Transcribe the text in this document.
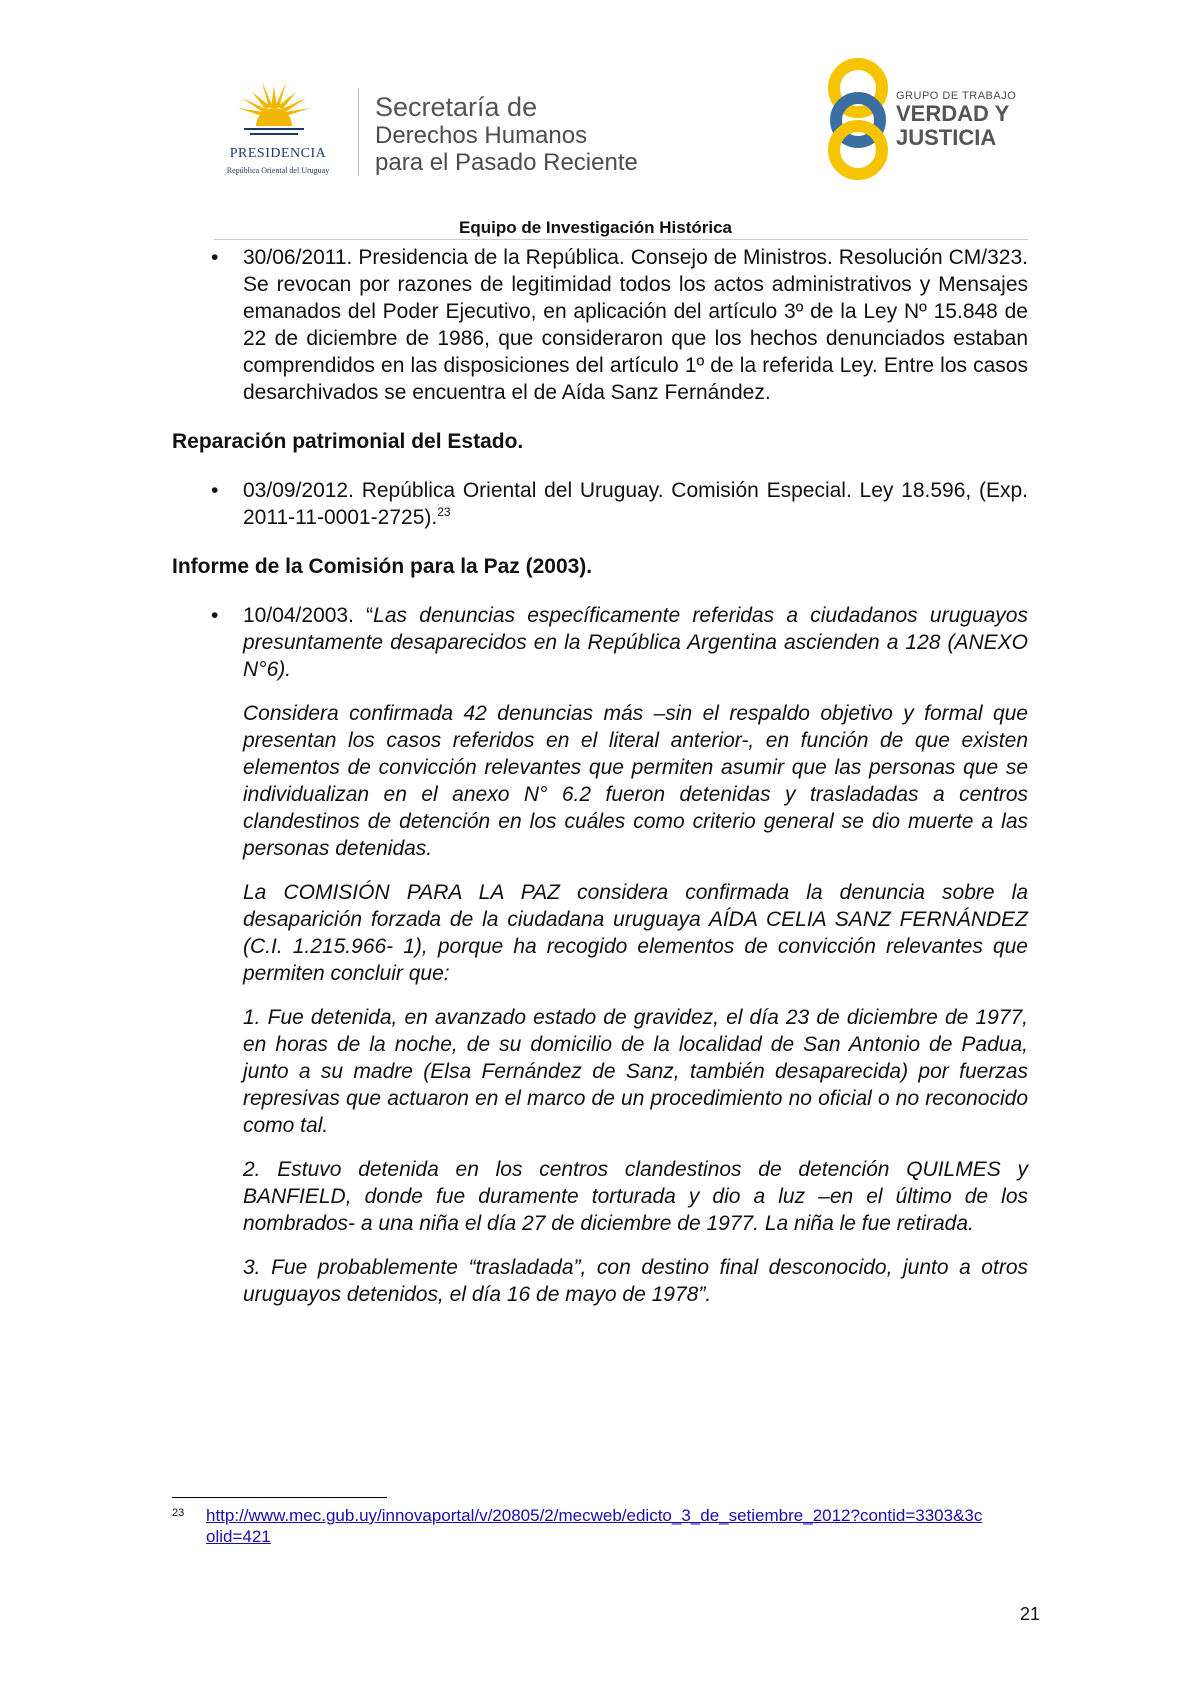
PRESIDENCIA
República Oriental del Uruguay
Secretaría de
Derechos Humanos
para el Pasado Reciente
GRUPO DE TRABAJO
VERDAD Y
JUSTICIA
Equipo de Investigación Histórica
• 30/06/2011. Presidencia de la República. Consejo de Ministros. Resolución CM/323. Se revocan por razones de legitimidad todos los actos administrativos y Mensajes emanados del Poder Ejecutivo, en aplicación del artículo 3º de la Ley Nº 15.848 de 22 de diciembre de 1986, que consideraron que los hechos denunciados estaban comprendidos en las disposiciones del artículo 1º de la referida Ley. Entre los casos desarchivados se encuentra el de Aída Sanz Fernández.
Reparación patrimonial del Estado.
• 03/09/2012. República Oriental del Uruguay. Comisión Especial. Ley 18.596, (Exp. 2011-11-0001-2725).$^{23}$
Informe de la Comisión para la Paz (2003).
• 10/04/2003. “Las denuncias específicamente referidas a ciudadanos uruguayos presuntamente desaparecidos en la República Argentina ascienden a 128 (ANEXO N°6).
Considera confirmada 42 denuncias más –sin el respaldo objetivo y formal que presentan los casos referidos en el literal anterior-, en función de que existen elementos de convicción relevantes que permiten asumir que las personas que se individualizan en el anexo N° 6.2 fueron detenidas y trasladadas a centros clandestinos de detención en los cuáles como criterio general se dio muerte a las personas detenidas.
La COMISIÓN PARA LA PAZ considera confirmada la denuncia sobre la desaparición forzada de la ciudadana uruguaya AÍDA CELIA SANZ FERNÁNDEZ (C.I. 1.215.966- 1), porque ha recogido elementos de convicción relevantes que permiten concluir que:
1. Fue detenida, en avanzado estado de gravidez, el día 23 de diciembre de 1977, en horas de la noche, de su domicilio de la localidad de San Antonio de Padua, junto a su madre (Elsa Fernández de Sanz, también desaparecida) por fuerzas represivas que actuaron en el marco de un procedimiento no oficial o no reconocido como tal.
2. Estuvo detenida en los centros clandestinos de detención QUILMES y BANFIELD, donde fue duramente torturada y dio a luz –en el último de los nombrados- a una niña el día 27 de diciembre de 1977. La niña le fue retirada.
3. Fue probablemente “trasladada”, con destino final desconocido, junto a otros uruguayos detenidos, el día 16 de mayo de 1978”.
23 http://www.mec.gub.uy/innovaportal/v/20805/2/mecweb/edicto_3_de_setiembre_2012?contid=3303&3colid=421
21
